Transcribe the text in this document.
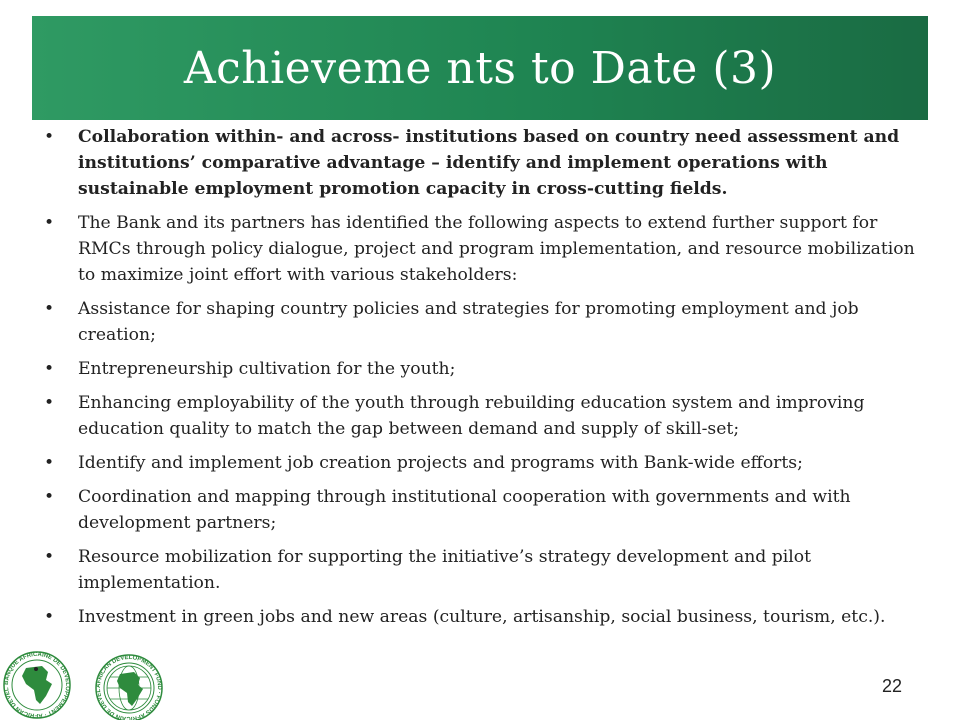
Achieveme nts to Date (3)
•	Collaboration within- and across- institutions based on country need assessment and institutions’ comparative advantage – identify and implement operations with sustainable employment promotion capacity in cross-cutting fields.
•	The Bank and its partners has identified the following aspects to extend further support for RMCs through policy dialogue, project and program implementation, and resource mobilization to maximize joint effort with various stakeholders:
•	Assistance for shaping country policies and strategies for promoting employment and job creation;
•	Entrepreneurship cultivation for the youth;
•	Enhancing employability of the youth through rebuilding education system and improving education quality to match the gap between demand and supply of skill-set;
•	Identify and implement job creation projects and programs with Bank-wide efforts;
•	Coordination and mapping through institutional cooperation with governments and with development partners;
•	Resource mobilization for supporting the initiative’s strategy development and pilot implementation.
•	Investment in green jobs and new areas (culture, artisanship, social business, tourism, etc.).
BANQUE AFRICAINE DE DEVELOPPEMENT · AFRICAN DEVEL
AFRICAN DEVELOPMENT FUND · FONDS AFRICAIN DE DEVEL	22
